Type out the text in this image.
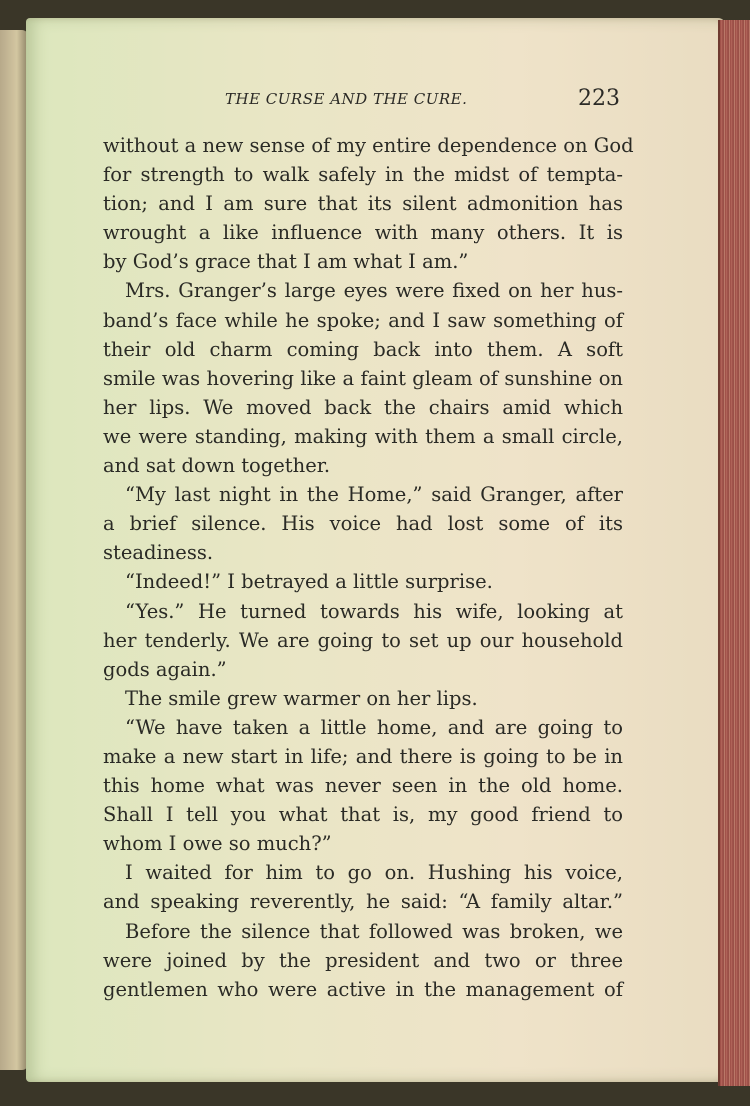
THE CURSE AND THE CURE.	223
without a new sense of my entire dependence on God
for strength to walk safely in the midst of tempta-
tion; and I am sure that its silent admonition has
wrought a like influence with many others. It is
by God’s grace that I am what I am.”
Mrs. Granger’s large eyes were fixed on her hus-
band’s face while he spoke; and I saw something of
their old charm coming back into them. A soft
smile was hovering like a faint gleam of sunshine on
her lips. We moved back the chairs amid which
we were standing, making with them a small circle,
and sat down together.
“My last night in the Home,” said Granger, after
a brief silence. His voice had lost some of its
steadiness.
“Indeed!” I betrayed a little surprise.
“Yes.” He turned towards his wife, looking at
her tenderly. We are going to set up our household
gods again.”
The smile grew warmer on her lips.
“We have taken a little home, and are going to
make a new start in life; and there is going to be in
this home what was never seen in the old home.
Shall I tell you what that is, my good friend to
whom I owe so much?”
I waited for him to go on. Hushing his voice,
and speaking reverently, he said: “A family altar.”
Before the silence that followed was broken, we
were joined by the president and two or three
gentlemen who were active in the management of
